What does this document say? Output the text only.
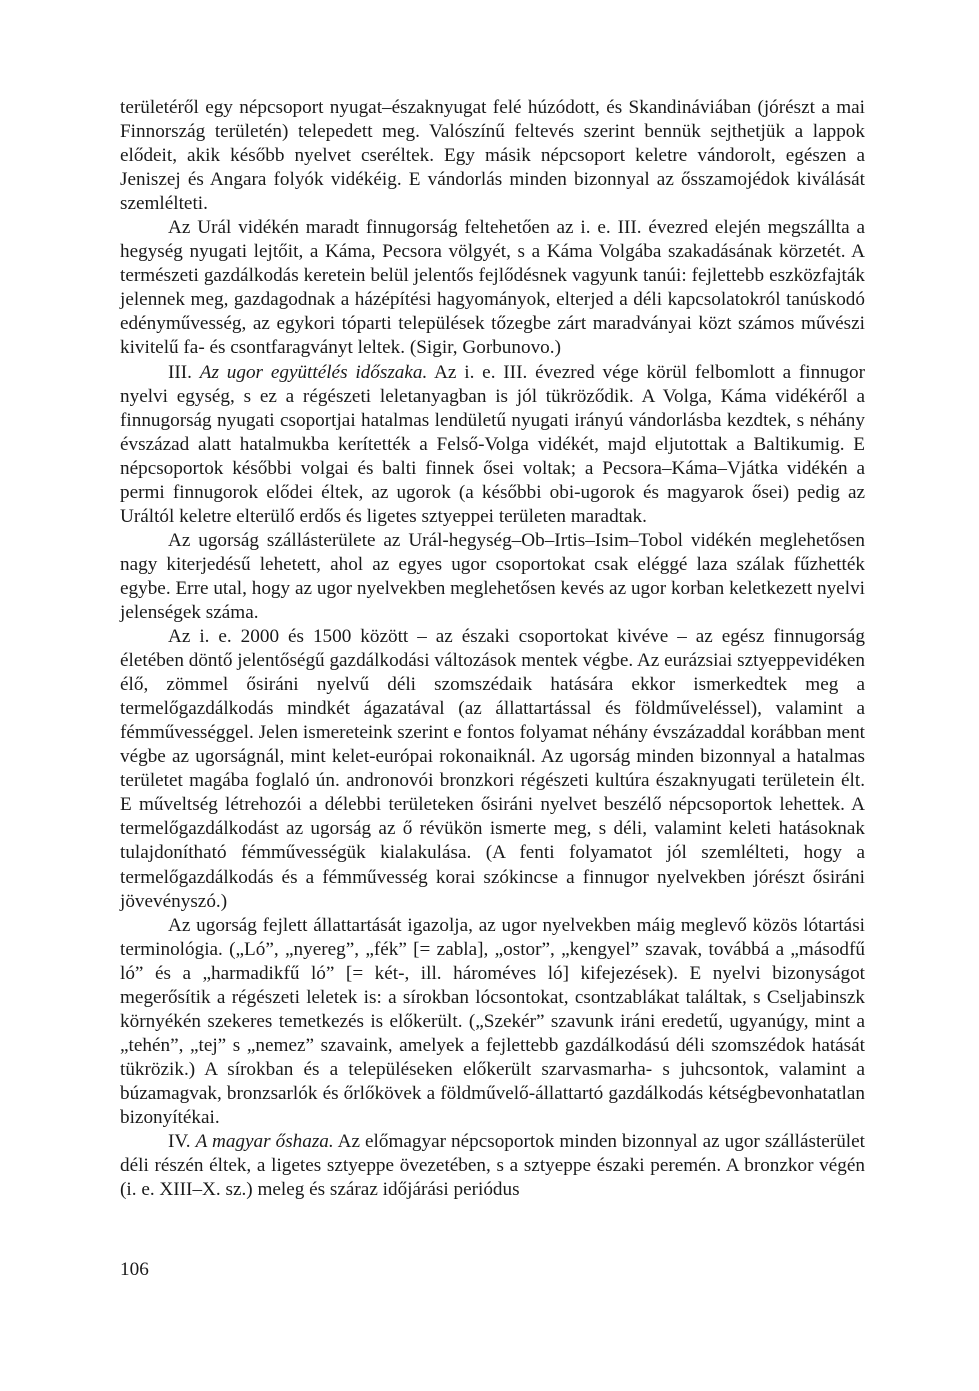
területéről egy népcsoport nyugat–északnyugat felé húzódott, és Skandináviában (jórészt a mai Finnország területén) telepedett meg. Valószínű feltevés szerint bennük sejthetjük a lappok elődeit, akik később nyelvet cseréltek. Egy másik népcsoport keletre vándorolt, egészen a Jeniszej és Angara folyók vidékéig. E vándorlás minden bizonnyal az ősszamojédok kiválását szemlélteti.

Az Urál vidékén maradt finnugorság feltehetően az i. e. III. évezred elején megszállta a hegység nyugati lejtőit, a Káma, Pecsora völgyét, s a Káma Volgába szakadásának körzetét. A természeti gazdálkodás keretein belül jelentős fejlődésnek vagyunk tanúi: fejlettebb eszközfajták jelennek meg, gazdagodnak a házépítési hagyományok, elterjed a déli kapcsolatokról tanúskodó edényművesség, az egykori tóparti települések tőzegbe zárt maradványai közt számos művészi kivitelű fa- és csontfaragványt leltek. (Sigir, Gorbunovo.)

III. Az ugor együttélés időszaka. Az i. e. III. évezred vége körül felbomlott a finnugor nyelvi egység, s ez a régészeti leletanyagban is jól tükröződik. A Volga, Káma vidékéről a finnugorság nyugati csoportjai hatalmas lendületű nyugati irányú vándorlásba kezdtek, s néhány évszázad alatt hatalmukba kerítették a Felső-Volga vidékét, majd eljutottak a Baltikumig. E népcsoportok későbbi volgai és balti finnek ősei voltak; a Pecsora–Káma–Vjátka vidékén a permi finnugorok elődei éltek, az ugorok (a későbbi obi-ugorok és magyarok ősei) pedig az Uráltól keletre elterülő erdős és ligetes sztyeppei területen maradtak.

Az ugorság szállásterülete az Urál-hegység–Ob–Irtis–Isim–Tobol vidékén meglehetősen nagy kiterjedésű lehetett, ahol az egyes ugor csoportokat csak eléggé laza szálak fűzhették egybe. Erre utal, hogy az ugor nyelvekben meglehetősen kevés az ugor korban keletkezett nyelvi jelenségek száma.

Az i. e. 2000 és 1500 között – az északi csoportokat kivéve – az egész finnugorság életében döntő jelentőségű gazdálkodási változások mentek végbe. Az eurázsiai sztyeppevidéken élő, zömmel ősiráni nyelvű déli szomszédaik hatására ekkor ismerkedtek meg a termelőgazdálkodás mindkét ágazatával (az állattartással és földműveléssel), valamint a fémművességgel. Jelen ismereteink szerint e fontos folyamat néhány évszázaddal korábban ment végbe az ugorságnál, mint kelet-európai rokonaiknál. Az ugorság minden bizonnyal a hatalmas területet magába foglaló ún. andronovói bronzkori régészeti kultúra északnyugati területein élt. E műveltség létrehozói a délebbi területeken ősiráni nyelvet beszélő népcsoportok lehettek. A termelőgazdálkodást az ugorság az ő révükön ismerte meg, s déli, valamint keleti hatásoknak tulajdonítható fémművességük kialakulása. (A fenti folyamatot jól szemlélteti, hogy a termelőgazdálkodás és a fémművesség korai szókincse a finnugor nyelvekben jórészt ősiráni jövevényszó.)

Az ugorság fejlett állattartását igazolja, az ugor nyelvekben máig meglevő közös lótartási terminológia. („Ló”, „nyereg”, „fék” [= zabla], „ostor”, „kengyel” szavak, továbbá a „másodfű ló” és a „harmadikfű ló” [= két-, ill. hároméves ló] kifejezések). E nyelvi bizonyságot megerősítik a régészeti leletek is: a sírokban lócsontokat, csontzablákat találtak, s Cseljabinszk környékén szekeres temetkezés is előkerült. („Szekér” szavunk iráni eredetű, ugyanúgy, mint a „tehén”, „tej” s „nemez” szavaink, amelyek a fejlettebb gazdálkodású déli szomszédok hatását tükrözik.) A sírokban és a településeken előkerült szarvasmarha- s juhcsontok, valamint a búzamagvak, bronzsarlók és őrlőkövek a földművelő-állattartó gazdálkodás kétségbevonhatatlan bizonyítékai.

IV. A magyar őshaza. Az előmagyar népcsoportok minden bizonnyal az ugor szállásterület déli részén éltek, a ligetes sztyeppe övezetében, s a sztyeppe északi peremén. A bronzkor végén (i. e. XIII–X. sz.) meleg és száraz időjárási periódus

106
